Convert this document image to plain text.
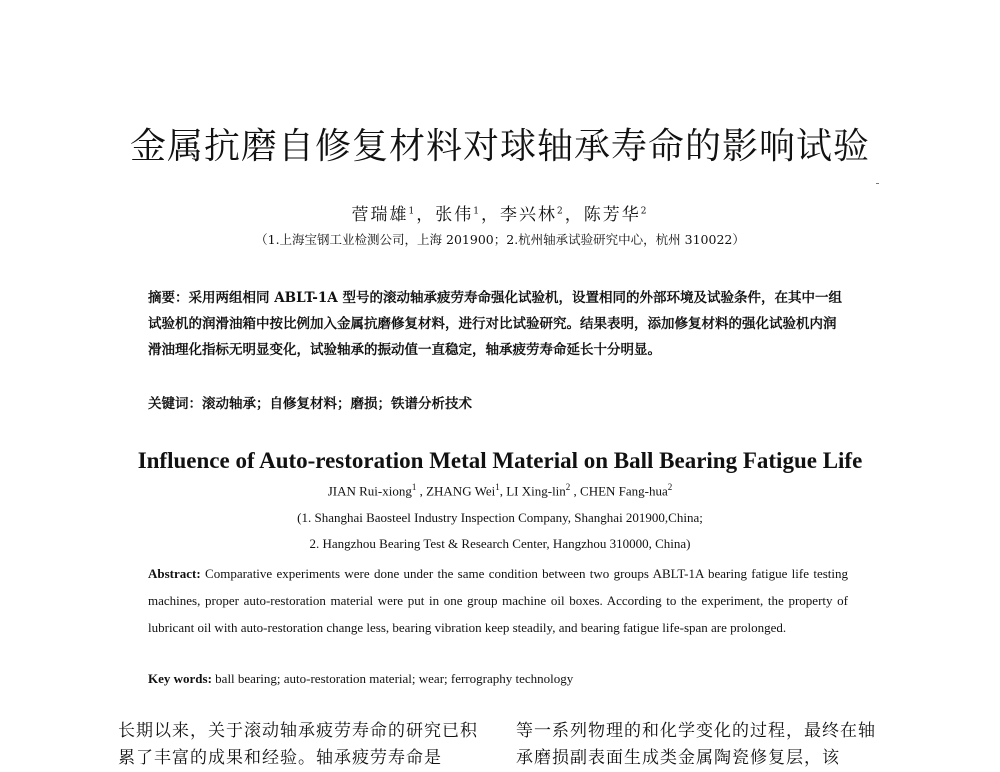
金属抗磨自修复材料对球轴承寿命的影响试验
菅瑞雄$^1$，张伟$^1$，李兴林$^2$，陈芳华$^2$
（1.上海宝钢工业检测公司，上海 201900；2.杭州轴承试验研究中心，杭州 310022）
摘要：采用两组相同 ABLT-1A 型号的滚动轴承疲劳寿命强化试验机，设置相同的外部环境及试验条件，在其中一组试验机的润滑油箱中按比例加入金属抗磨修复材料，进行对比试验研究。结果表明，添加修复材料的强化试验机内润滑油理化指标无明显变化，试验轴承的振动值一直稳定，轴承疲劳寿命延长十分明显。
关键词：滚动轴承；自修复材料；磨损；铁谱分析技术
Influence of Auto-restoration Metal Material on Ball Bearing Fatigue Life
JIAN Rui-xiong$^1$ , ZHANG Wei$^1$, LI Xing-lin$^2$ , CHEN Fang-hua$^2$
(1. Shanghai Baosteel Industry Inspection Company, Shanghai 201900,China;
2. Hangzhou Bearing Test & Research Center, Hangzhou 310000, China)
Abstract: Comparative experiments were done under the same condition between two groups ABLT-1A bearing fatigue life testing machines, proper auto-restoration material were put in one group machine oil boxes. According to the experiment, the property of lubricant oil with auto-restoration change less, bearing vibration keep steadily, and bearing fatigue life-span are prolonged.
Key words: ball bearing; auto-restoration material; wear; ferrography technology
长期以来，关于滚动轴承疲劳寿命的研究已积累了丰富的成果和经验。轴承疲劳寿命是
等一系列物理的和化学变化的过程，最终在轴承磨损副表面生成类金属陶瓷修复层，该
